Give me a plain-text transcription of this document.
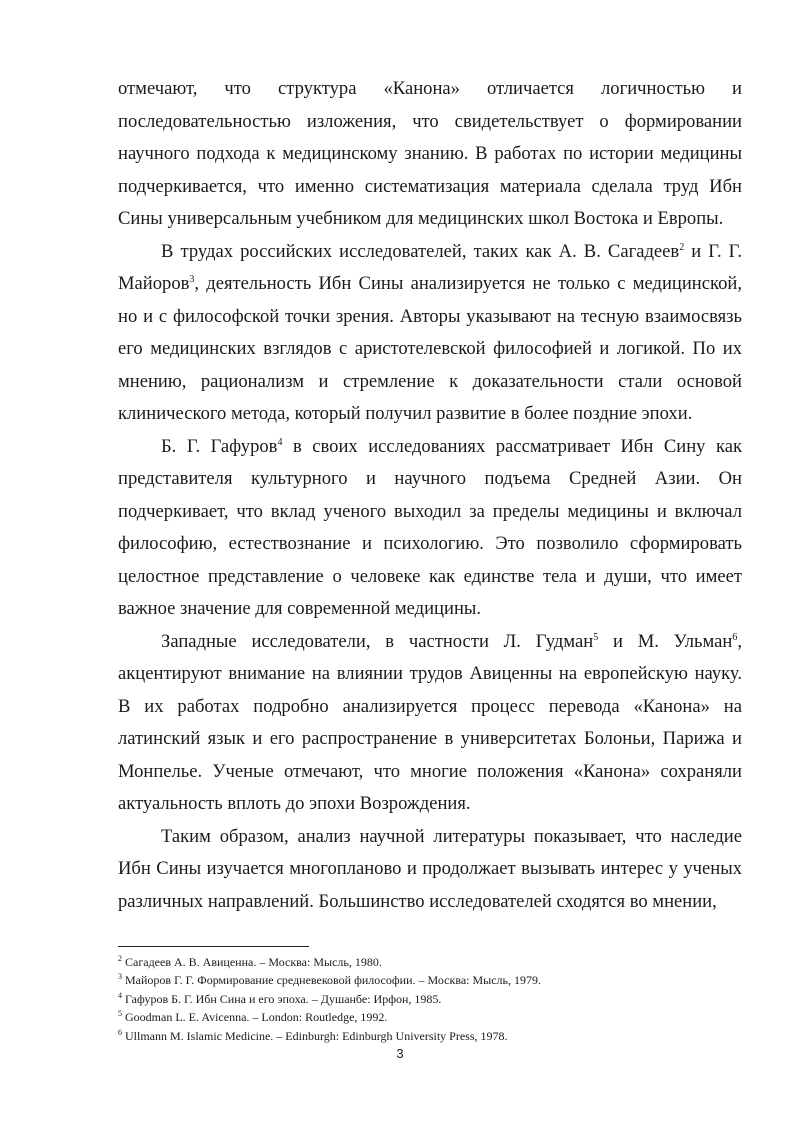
отмечают, что структура «Канона» отличается логичностью и последовательностью изложения, что свидетельствует о формировании научного подхода к медицинскому знанию. В работах по истории медицины подчеркивается, что именно систематизация материала сделала труд Ибн Сины универсальным учебником для медицинских школ Востока и Европы.

В трудах российских исследователей, таких как А. В. Сагадеев$^2$ и Г. Г. Майоров$^3$, деятельность Ибн Сины анализируется не только с медицинской, но и с философской точки зрения. Авторы указывают на тесную взаимосвязь его медицинских взглядов с аристотелевской философией и логикой. По их мнению, рационализм и стремление к доказательности стали основой клинического метода, который получил развитие в более поздние эпохи.

Б. Г. Гафуров$^4$ в своих исследованиях рассматривает Ибн Сину как представителя культурного и научного подъема Средней Азии. Он подчеркивает, что вклад ученого выходил за пределы медицины и включал философию, естествознание и психологию. Это позволило сформировать целостное представление о человеке как единстве тела и души, что имеет важное значение для современной медицины.

Западные исследователи, в частности Л. Гудман$^5$ и М. Ульман$^6$, акцентируют внимание на влиянии трудов Авиценны на европейскую науку. В их работах подробно анализируется процесс перевода «Канона» на латинский язык и его распространение в университетах Болоньи, Парижа и Монпелье. Ученые отмечают, что многие положения «Канона» сохраняли актуальность вплоть до эпохи Возрождения.

Таким образом, анализ научной литературы показывает, что наследие Ибн Сины изучается многопланово и продолжает вызывать интерес у ученых различных направлений. Большинство исследователей сходятся во мнении,

$^2$ Сагадеев А. В. Авиценна. – Москва: Мысль, 1980.

$^3$ Майоров Г. Г. Формирование средневековой философии. – Москва: Мысль, 1979.

$^4$ Гафуров Б. Г. Ибн Сина и его эпоха. – Душанбе: Ирфон, 1985.

$^5$ Goodman L. E. Avicenna. – London: Routledge, 1992.

$^6$ Ullmann M. Islamic Medicine. – Edinburgh: Edinburgh University Press, 1978.

3
